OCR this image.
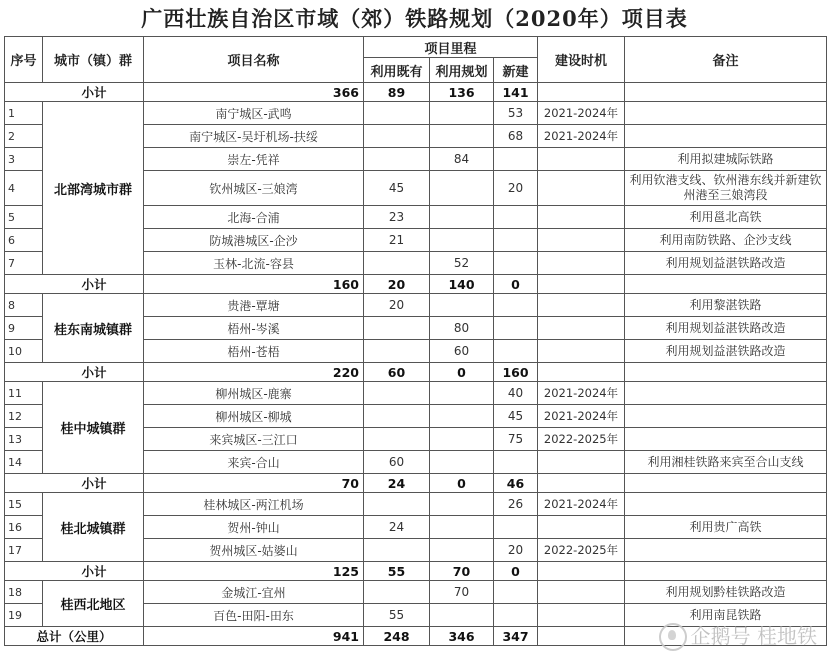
广西壮族自治区市域（郊）铁路规划（2020年）项目表
序号	城市（镇）群	项目名称	项目里程			建设时机	备注
			利用既有	利用规划	新建		
小计		366	89	136	141		
1	北部湾城市群	南宁城区-武鸣			53	2021-2024年	
2		南宁城区-吴圩机场-扶绥			68	2021-2024年	
3		崇左-凭祥		84			利用拟建城际铁路
4		钦州城区-三娘湾	45		20		利用钦港支线、钦州港东线并新建钦州港至三娘湾段
5		北海-合浦	23				利用邕北高铁
6		防城港城区-企沙	21				利用南防铁路、企沙支线
7		玉林-北流-容县		52			利用规划益湛铁路改造
小计		160	20	140	0		
8	桂东南城镇群	贵港-覃塘	20				利用黎湛铁路
9		梧州-岑溪		80			利用规划益湛铁路改造
10		梧州-苍梧		60			利用规划益湛铁路改造
小计		220	60	0	160		
11	桂中城镇群	柳州城区-鹿寨			40	2021-2024年	
12		柳州城区-柳城			45	2021-2024年	
13		来宾城区-三江口			75	2022-2025年	
14		来宾-合山	60				利用湘桂铁路来宾至合山支线
小计		70	24	0	46		
15	桂北城镇群	桂林城区-两江机场			26	2021-2024年	
16		贺州-钟山	24				利用贵广高铁
17		贺州城区-姑婆山			20	2022-2025年	
小计		125	55	70	0		
18	桂西北地区	金城江-宜州		70			利用规划黔桂铁路改造
19		百色-田阳-田东	55				利用南昆铁路
总计（公里）		941	248	346	347			企鹅号 桂地铁
